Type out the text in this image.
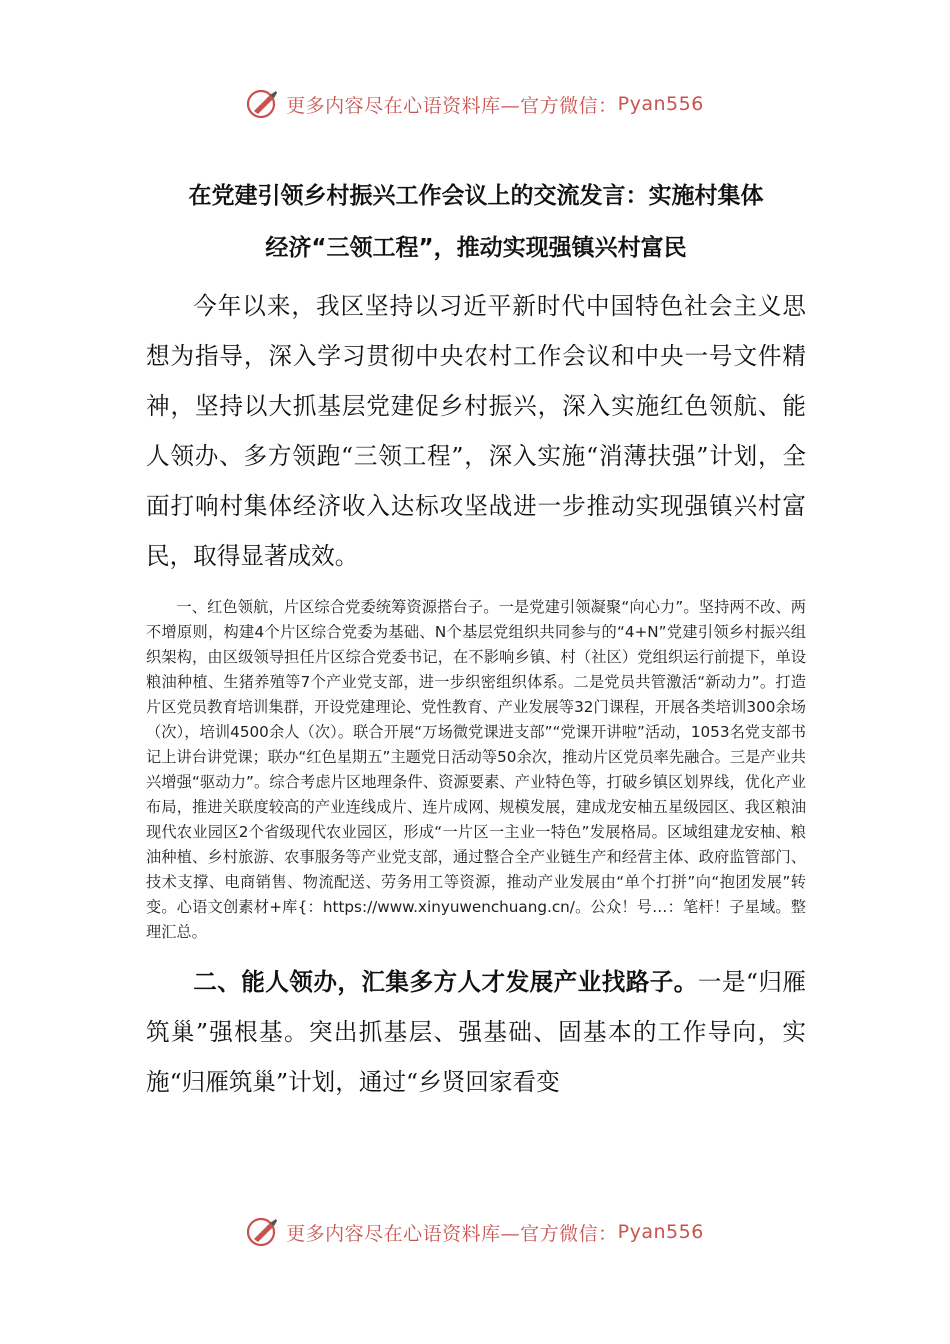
更多内容尽在心语资料库—官方微信： Pyan556

在党建引领乡村振兴工作会议上的交流发言：实施村集体

经济“三领工程”，推动实现强镇兴村富民

今年以来，我区坚持以习近平新时代中国特色社会主义思想为指导，深入学习贯彻中央农村工作会议和中央一号文件精神，坚持以大抓基层党建促乡村振兴，深入实施红色领航、能人领办、多方领跑“三领工程”，深入实施“消薄扶强”计划，全面打响村集体经济收入达标攻坚战进一步推动实现强镇兴村富民，取得显著成效。

一、红色领航，片区综合党委统筹资源搭台子。一是党建引领凝聚“向心力”。坚持两不改、两不增原则，构建4个片区综合党委为基础、N个基层党组织共同参与的“4+N”党建引领乡村振兴组织架构，由区级领导担任片区综合党委书记，在不影响乡镇、村（社区）党组织运行前提下，单设粮油种植、生猪养殖等7个产业党支部，进一步织密组织体系。二是党员共管激活“新动力”。打造片区党员教育培训集群，开设党建理论、党性教育、产业发展等32门课程，开展各类培训300余场（次），培训4500余人（次）。联合开展“万场微党课进支部”“党课开讲啦”活动，1053名党支部书记上讲台讲党课；联办“红色星期五”主题党日活动等50余次，推动片区党员率先融合。三是产业共兴增强“驱动力”。综合考虑片区地理条件、资源要素、产业特色等，打破乡镇区划界线，优化产业布局，推进关联度较高的产业连线成片、连片成网、规模发展，建成龙安柚五星级园区、我区粮油现代农业园区2个省级现代农业园区，形成“一片区一主业一特色”发展格局。区域组建龙安柚、粮油种植、乡村旅游、农事服务等产业党支部，通过整合全产业链生产和经营主体、政府监管部门、技术支撑、电商销售、物流配送、劳务用工等资源，推动产业发展由“单个打拼”向“抱团发展”转变。心语文创素材+库{：https://www.xinyuwenchuang.cn/。公众！号…：笔杆！子星域。整理汇总。

二、能人领办，汇集多方人才发展产业找路子。一是“归雁筑巢”强根基。突出抓基层、强基础、固基本的工作导向，实施“归雁筑巢”计划，通过“乡贤回家看变

更多内容尽在心语资料库—官方微信： Pyan556
